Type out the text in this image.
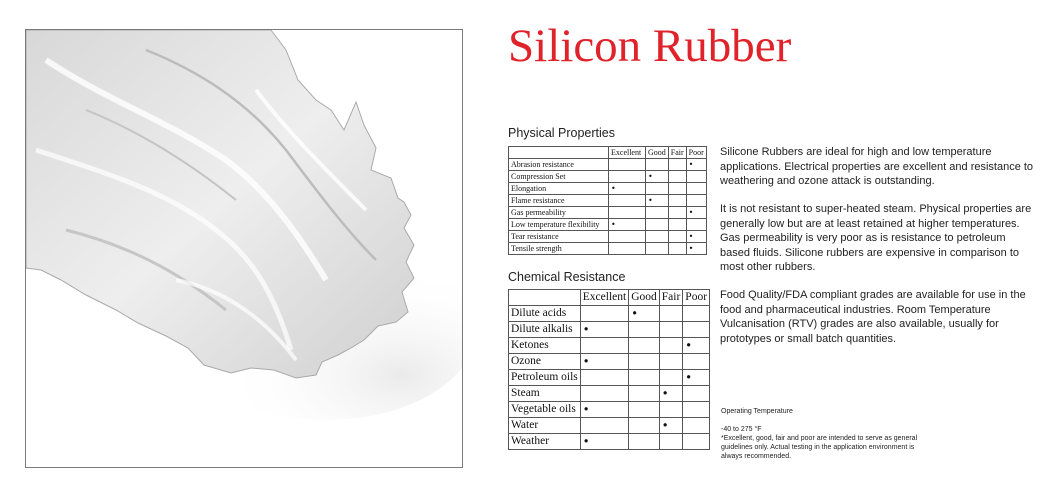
Silicon Rubber
Physical Properties
	Excellent	Good	Fair	Poor
Abrasion resistance				•
Compression Set		•		
Elongation	•			
Flame resistance		•		
Gas permeability				•
Low temperature flexibility	•			
Tear resistance				•
Tensile strength				•
Chemical Resistance
	Excellent	Good	Fair	Poor
Dilute acids		•		
Dilute alkalis	•			
Ketones				•
Ozone	•			
Petroleum oils				•
Steam			•	
Vegetable oils	•			
Water			•	
Weather	•			

Silicone Rubbers are ideal for high and low temperature applications. Electrical properties are excellent and resistance to weathering and ozone attack is outstanding.

It is not resistant to super-heated steam. Physical properties are generally low but are at least retained at higher temperatures. Gas permeability is very poor as is resistance to petroleum based fluids. Silicone rubbers are expensive in comparison to most other rubbers.

Food Quality/FDA compliant grades are available for use in the food and pharmaceutical industries. Room Temperature Vulcanisation (RTV) grades are also available, usually for prototypes or small batch quantities.

Operating Temperature

-40 to 275 °F

*Excellent, good, fair and poor are intended to serve as general guidelines only. Actual testing in the application environment is always recommended.
